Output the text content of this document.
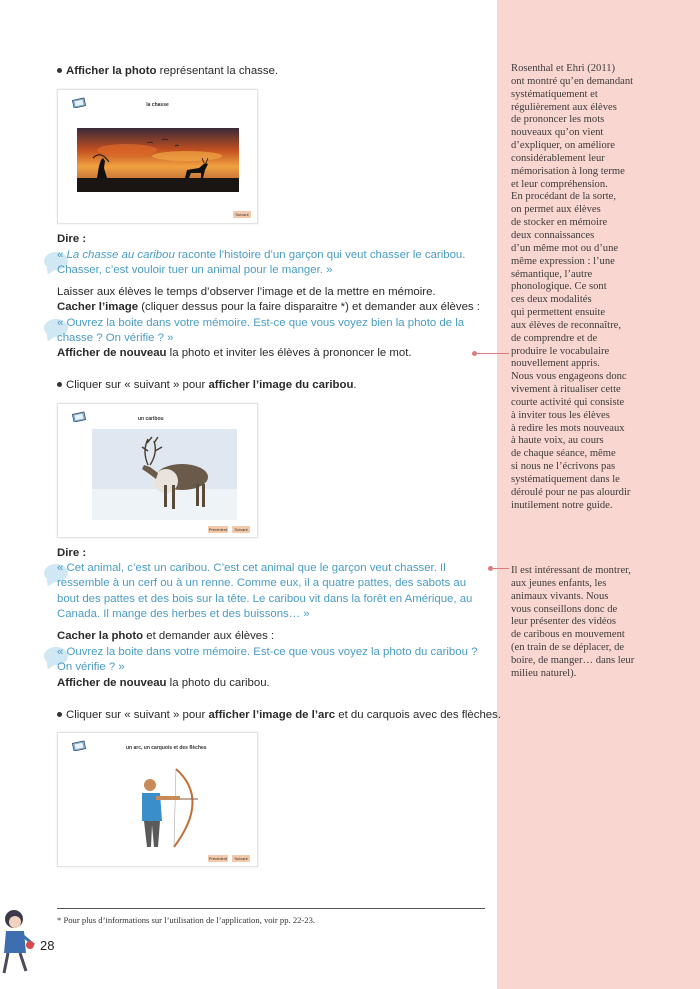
Rosenthal et Ehri (2011)
ont montré qu’en demandant
systématiquement et
régulièrement aux élèves
de prononcer les mots
nouveaux qu’on vient
d’expliquer, on améliore
considérablement leur
mémorisation à long terme
et leur compréhension.
En procédant de la sorte,
on permet aux élèves
de stocker en mémoire
deux connaissances
d’un même mot ou d’une
même expression : l’une
sémantique, l’autre
phonologique. Ce sont
ces deux modalités
qui permettent ensuite
aux élèves de reconnaître,
de comprendre et de
produire le vocabulaire
nouvellement appris.
Nous vous engageons donc
vivement à ritualiser cette
courte activité qui consiste
à inviter tous les élèves
à redire les mots nouveaux
à haute voix, au cours
de chaque séance, même
si nous ne l’écrivons pas
systématiquement dans le
déroulé pour ne pas alourdir
inutilement notre guide.

Il est intéressant de montrer,
aux jeunes enfants, les
animaux vivants. Nous
vous conseillons donc de
leur présenter des vidéos
de caribous en mouvement
(en train de se déplacer, de
boire, de manger… dans leur
milieu naturel).

Afficher la photo représentant la chasse.

la chasse
Suivant

Dire :

« La chasse au caribou raconte l’histoire d’un garçon qui veut chasser le caribou. Chasser, c’est vouloir tuer un animal pour le manger. »

Laisser aux élèves le temps d’observer l’image et de la mettre en mémoire.

Cacher l’image (cliquer dessus pour la faire disparaitre *) et demander aux élèves :

« Ouvrez la boite dans votre mémoire. Est-ce que vous voyez bien la photo de la chasse ? On vérifie ? »

Afficher de nouveau la photo et inviter les élèves à prononcer le mot.

Cliquer sur « suivant » pour afficher l’image du caribou.

un caribou
Précédent	Suivant

Dire :

« Cet animal, c’est un caribou. C’est cet animal que le garçon veut chasser. Il ressemble à un cerf ou à un renne. Comme eux, il a quatre pattes, des sabots au bout des pattes et des bois sur la tête. Le caribou vit dans la forêt en Amérique, au Canada. Il mange des herbes et des buissons… »

Cacher la photo et demander aux élèves :

« Ouvrez la boite dans votre mémoire. Est-ce que vous voyez la photo du caribou ? On vérifie ? »

Afficher de nouveau la photo du caribou.

Cliquer sur « suivant » pour afficher l’image de l’arc et du carquois avec des flèches.

un arc, un carquois et des flèches
Précédent	Suivant

* Pour plus d’informations sur l’utilisation de l’application, voir pp. 22-23.

28
